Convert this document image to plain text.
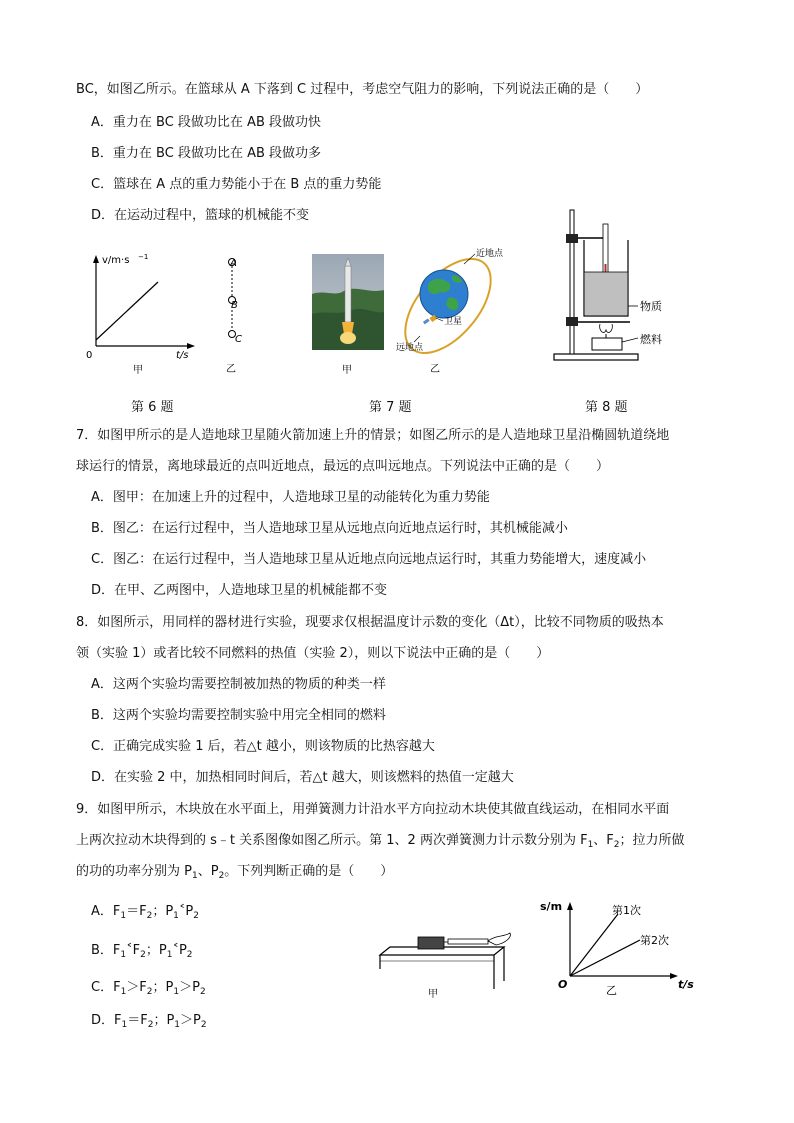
BC，如图乙所示。在篮球从 A 下落到 C 过程中，考虑空气阻力的影响，下列说法正确的是（　　）
A．重力在 BC 段做功比在 AB 段做功快
B．重力在 BC 段做功比在 AB 段做功多
C．篮球在 A 点的重力势能小于在 B 点的重力势能
D．在运动过程中，篮球的机械能不变
v/m·s −1
0	t/s
甲
A
B
C
乙
第 6 题
甲
近地点
卫星
远地点
乙
第 7 题
物质
燃料
第 8 题
7．如图甲所示的是人造地球卫星随火箭加速上升的情景；如图乙所示的是人造地球卫星沿椭圆轨道绕地
球运行的情景，离地球最近的点叫近地点，最远的点叫远地点。下列说法中正确的是（　　）
A．图甲：在加速上升的过程中，人造地球卫星的动能转化为重力势能
B．图乙：在运行过程中，当人造地球卫星从远地点向近地点运行时，其机械能减小
C．图乙：在运行过程中，当人造地球卫星从近地点向远地点运行时，其重力势能增大，速度减小
D．在甲、乙两图中，人造地球卫星的机械能都不变
8．如图所示，用同样的器材进行实验，现要求仅根据温度计示数的变化（Δt），比较不同物质的吸热本
领（实验 1）或者比较不同燃料的热值（实验 2），则以下说法中正确的是（　　）
A．这两个实验均需要控制被加热的物质的种类一样
B．这两个实验均需要控制实验中用完全相同的燃料
C．正确完成实验 1 后，若△t 越小，则该物质的比热容越大
D．在实验 2 中，加热相同时间后，若△t 越大，则该燃料的热值一定越大
9．如图甲所示，木块放在水平面上，用弹簧测力计沿水平方向拉动木块使其做直线运动，在相同水平面
上两次拉动木块得到的 s﹣t 关系图像如图乙所示。第 1、2 两次弹簧测力计示数分别为 $F_1$、$F_2$；拉力所做
的功的功率分别为 $P_1$、$P_2$。下列判断正确的是（　　）
A．$F_1=F_2$；$P_1˂P_2$
B．$F_1˂F_2$；$P_1˂P_2$
C．$F_1>F_2$；$P_1>P_2$
D．$F_1=F_2$；$P_1>P_2$
甲
s/m
t/s
O
第1次
第2次
乙
